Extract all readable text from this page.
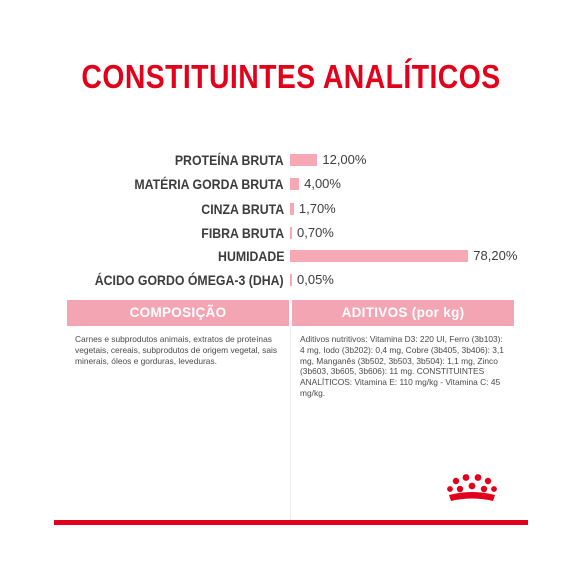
CONSTITUINTES ANALÍTICOS
PROTEÍNA BRUTA	12,00%
MATÉRIA GORDA BRUTA 4,00%
CINZA BRUTA 1,70%
FIBRA BRUTA 0,70%
HUMIDADE	78,20%
ÁCIDO GORDO ÓMEGA-3 (DHA) 0,05%
COMPOSIÇÃO
Carnes e subprodutos animais, extratos de proteínas vegetais, cereais, subprodutos de origem vegetal, sais minerais, óleos e gorduras, leveduras.
ADITIVOS (por kg)
Aditivos nutritivos: Vitamina D3: 220 UI, Ferro (3b103): 4 mg, Iodo (3b202): 0,4 mg, Cobre (3b405, 3b406): 3,1 mg, Manganês (3b502, 3b503, 3b504): 1,1 mg, Zinco (3b603, 3b605, 3b606): 11 mg. CONSTITUINTES ANALÍTICOS: Vitamina E: 110 mg/kg - Vitamina C: 45 mg/kg.
